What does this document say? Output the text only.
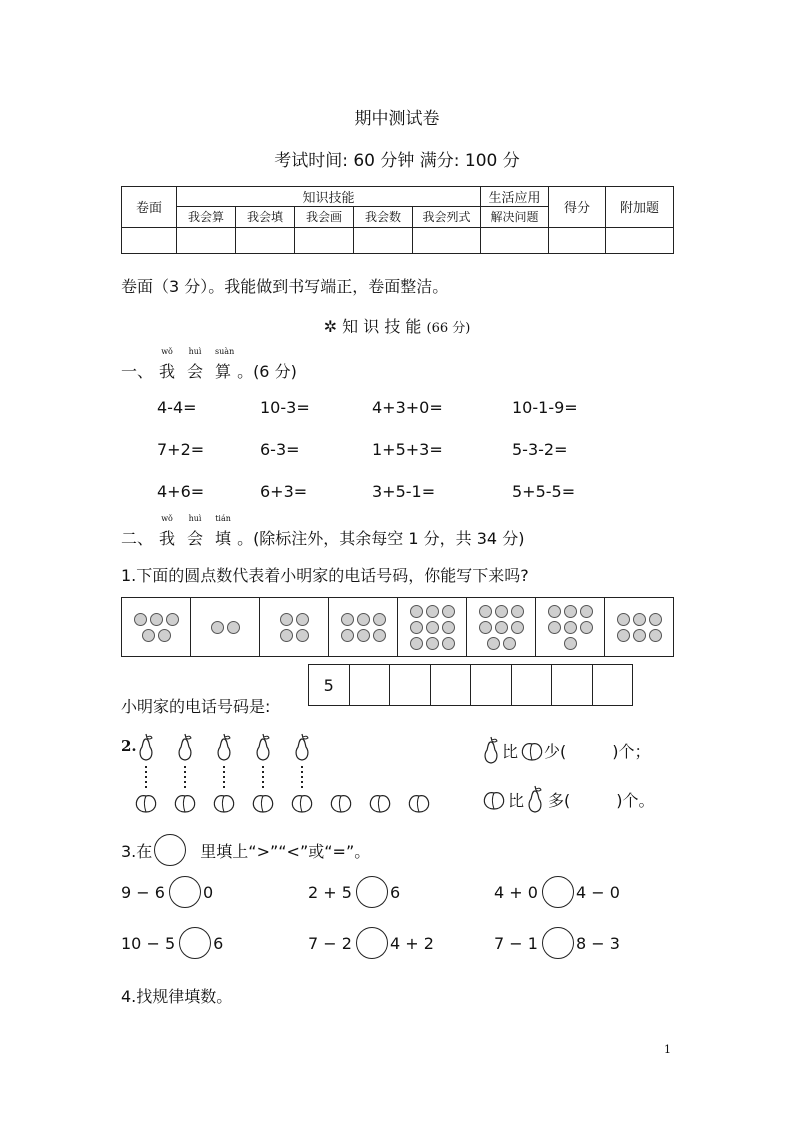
期中测试卷
考试时间: 60 分钟 满分: 100 分
卷面	知识技能					生活应用	得分	附加题
	我会算	我会填	我会画	我会数	我会列式	解决问题		

卷面（3 分）。我能做到书写端正，卷面整洁。
✲ 知 识 技 能 (66 分)
一、
wǒ
我
huì
会
suàn
算 。(6 分)
4-4=	10-3=	4+3+0=	10-1-9=
7+2=	6-3=	1+5+3=	5-3-2=
4+6=	6+3=	3+5-1=	5+5-5=
二、
wǒ
我
huì
会
tián
填 。(除标注外，其余每空 1 分，共 34 分)
1.下面的圆点数代表着小明家的电话号码，你能写下来吗?
小明家的电话号码是:
5
2.	比 少(	)个；
比 多(	)个。
3.在	里填上“>”“<”或“=”。
9 − 6 0	2 + 5 6	4 + 0 4 − 0
10 − 5 6	7 − 2 4 + 2	7 − 1 8 − 3
4.找规律填数。
1
